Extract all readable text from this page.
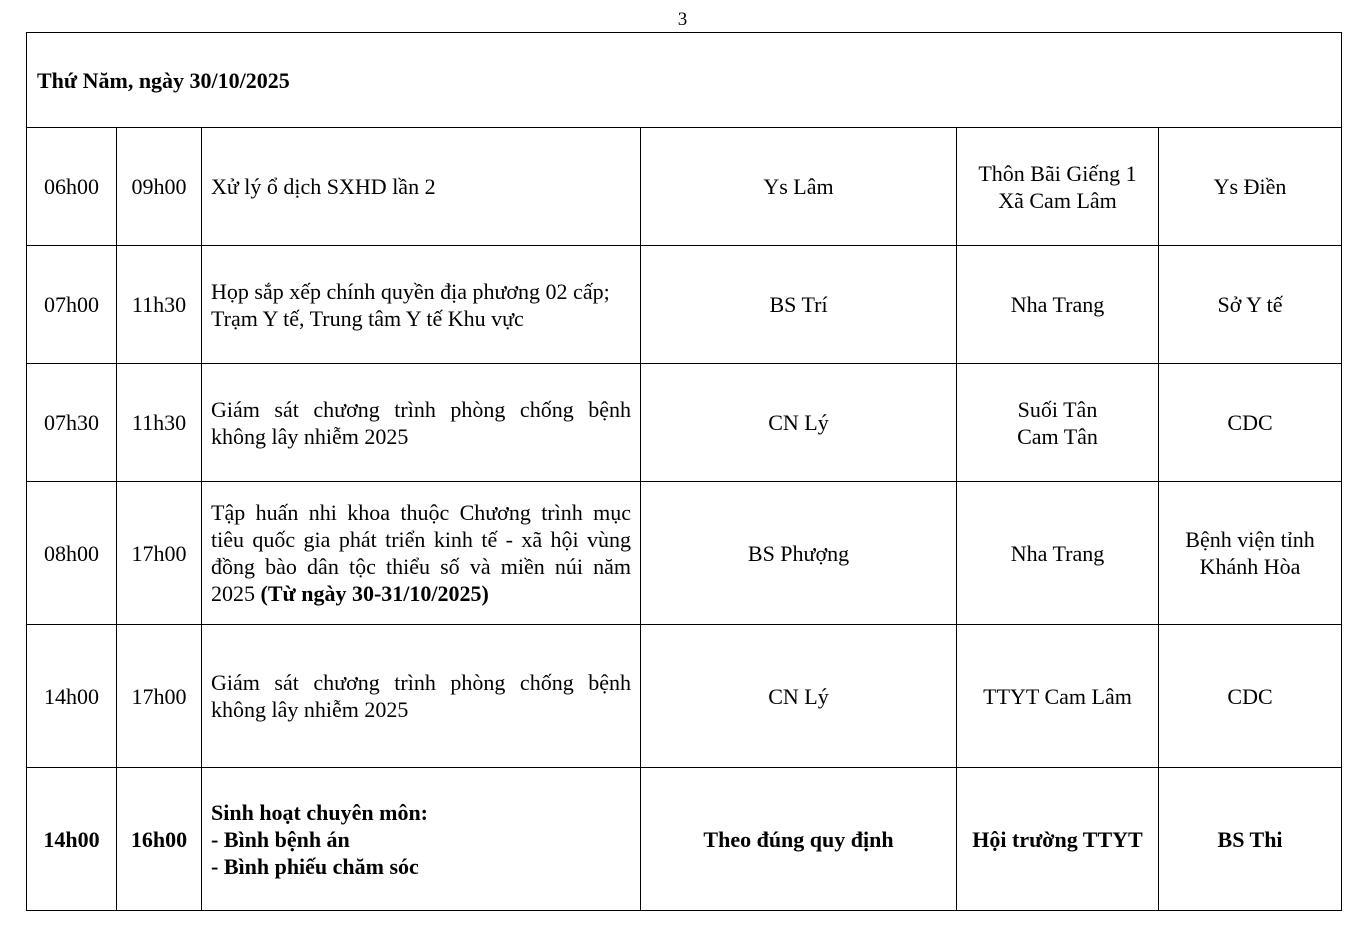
3
Thứ Năm, ngày 30/10/2025					
06h00	09h00	Xử lý ổ dịch SXHD lần 2	Ys Lâm	Thôn Bãi Giếng 1
Xã Cam Lâm	Ys Điền

07h00	11h30	Họp sắp xếp chính quyền địa phương 02 cấp;
Trạm Y tế, Trung tâm Y tế Khu vực	BS Trí	Nha Trang	Sở Y tế

07h30	11h30	Giám sát chương trình phòng chống bệnh
không lây nhiễm 2025	CN Lý	Suối Tân
Cam Tân	CDC

08h00	17h00	Tập huấn nhi khoa thuộc Chương trình mục
tiêu quốc gia phát triển kinh tế - xã hội vùng
đồng bào dân tộc thiểu số và miền núi năm
2025 (Từ ngày 30-31/10/2025)	BS Phượng	Nha Trang	Bệnh viện tỉnh
Khánh Hòa

14h00	17h00	Giám sát chương trình phòng chống bệnh
không lây nhiễm 2025	CN Lý	TTYT Cam Lâm	CDC

14h00	16h00	Sinh hoạt chuyên môn:
- Bình bệnh án
- Bình phiếu chăm sóc	Theo đúng quy định	Hội trường TTYT	BS Thi
